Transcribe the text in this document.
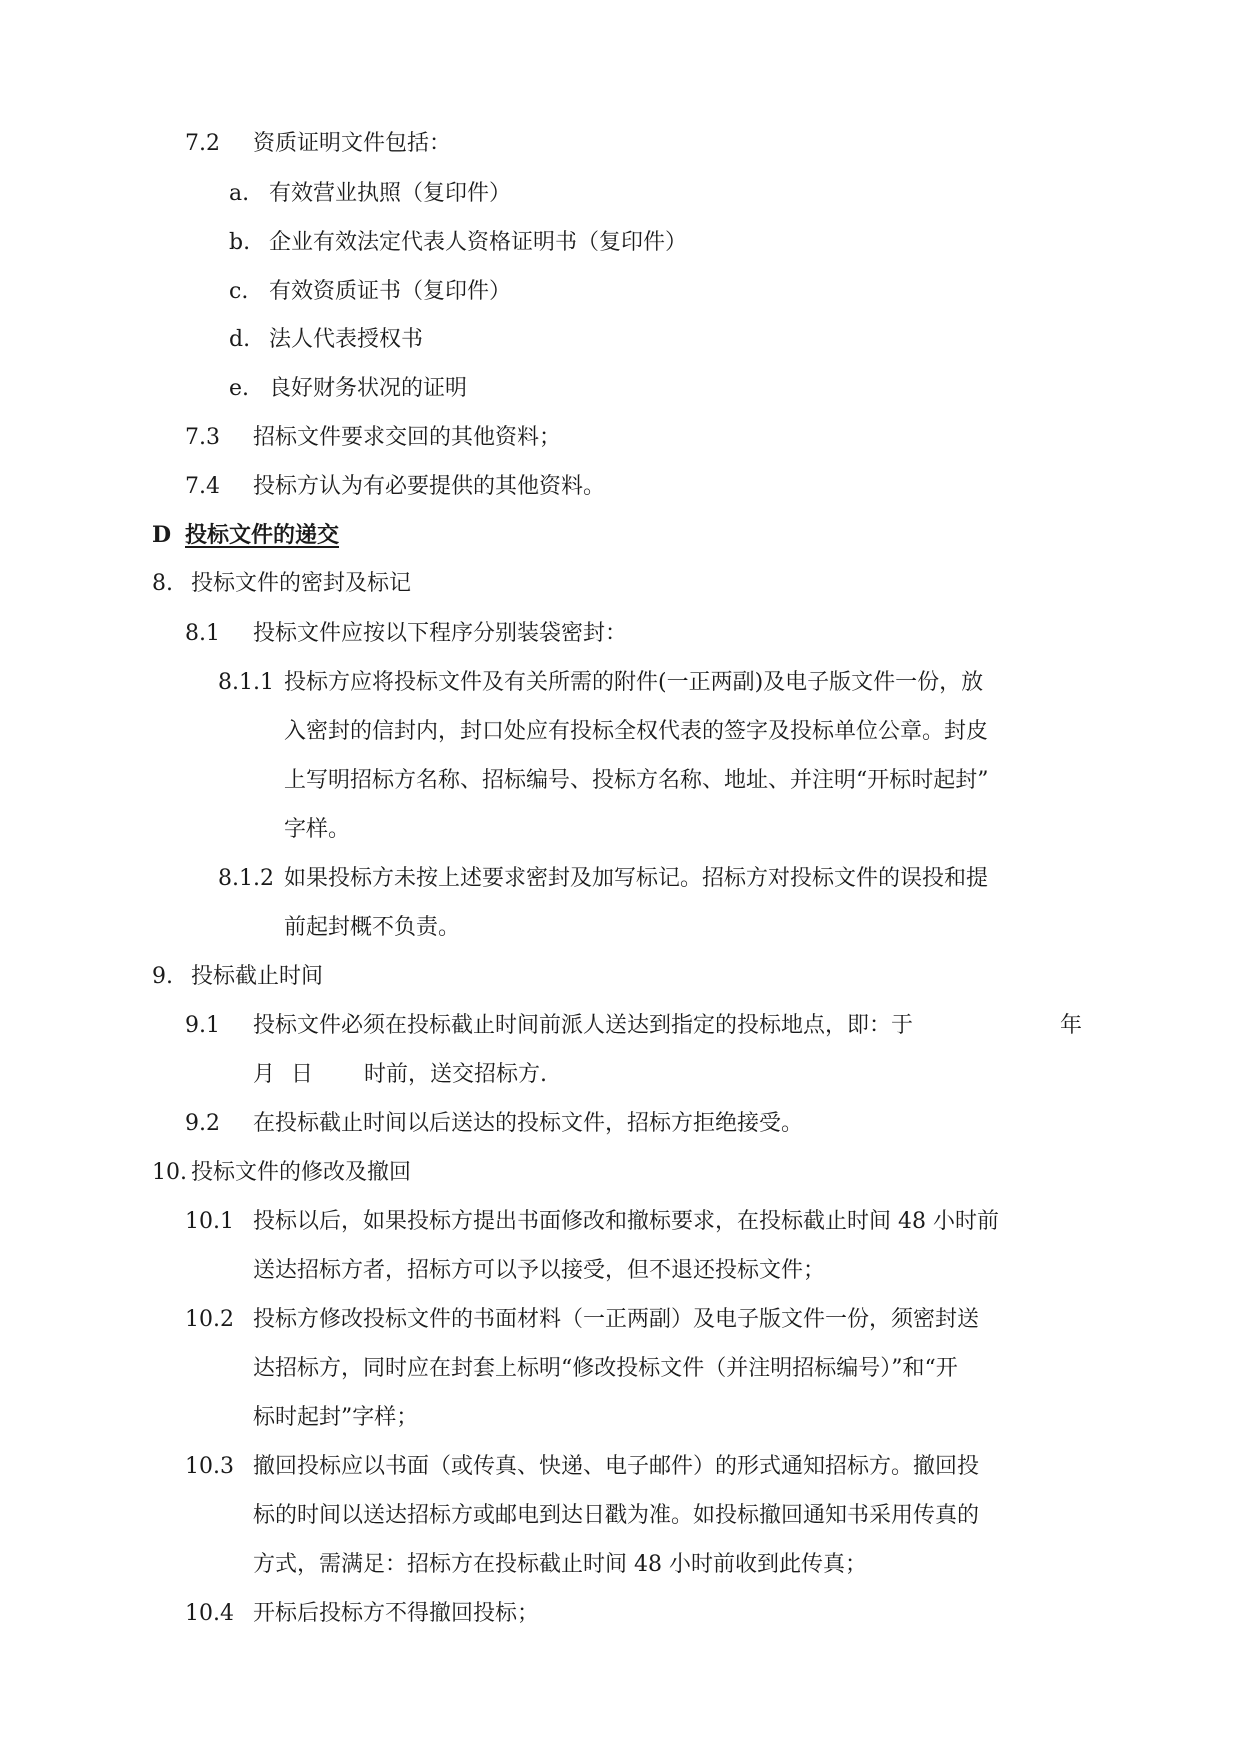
7.2 资质证明文件包括：
a. 有效营业执照（复印件）
b. 企业有效法定代表人资格证明书（复印件）
c. 有效资质证书（复印件）
d. 法人代表授权书
e. 良好财务状况的证明
7.3 招标文件要求交回的其他资料；
7.4 投标方认为有必要提供的其他资料。
D 投标文件的递交
8. 投标文件的密封及标记
8.1 投标文件应按以下程序分别装袋密封：
8.1.1 投标方应将投标文件及有关所需的附件(一正两副)及电子版文件一份，放
入密封的信封内，封口处应有投标全权代表的签字及投标单位公章。封皮
上写明招标方名称、招标编号、投标方名称、地址、并注明“开标时起封”
字样。
8.1.2 如果投标方未按上述要求密封及加写标记。招标方对投标文件的误投和提
前起封概不负责。
9. 投标截止时间
9.1 投标文件必须在投标截止时间前派人送达到指定的投标地点，即：于	年
月 日 时前，送交招标方.
9.2 在投标截止时间以后送达的投标文件，招标方拒绝接受。
10. 投标文件的修改及撤回
10.1 投标以后，如果投标方提出书面修改和撤标要求，在投标截止时间 48 小时前
送达招标方者，招标方可以予以接受，但不退还投标文件；
10.2 投标方修改投标文件的书面材料（一正两副）及电子版文件一份，须密封送
达招标方，同时应在封套上标明“修改投标文件（并注明招标编号）”和“开
标时起封”字样；
10.3 撤回投标应以书面（或传真、快递、电子邮件）的形式通知招标方。撤回投
标的时间以送达招标方或邮电到达日戳为准。如投标撤回通知书采用传真的
方式，需满足：招标方在投标截止时间 48 小时前收到此传真；
10.4 开标后投标方不得撤回投标；
